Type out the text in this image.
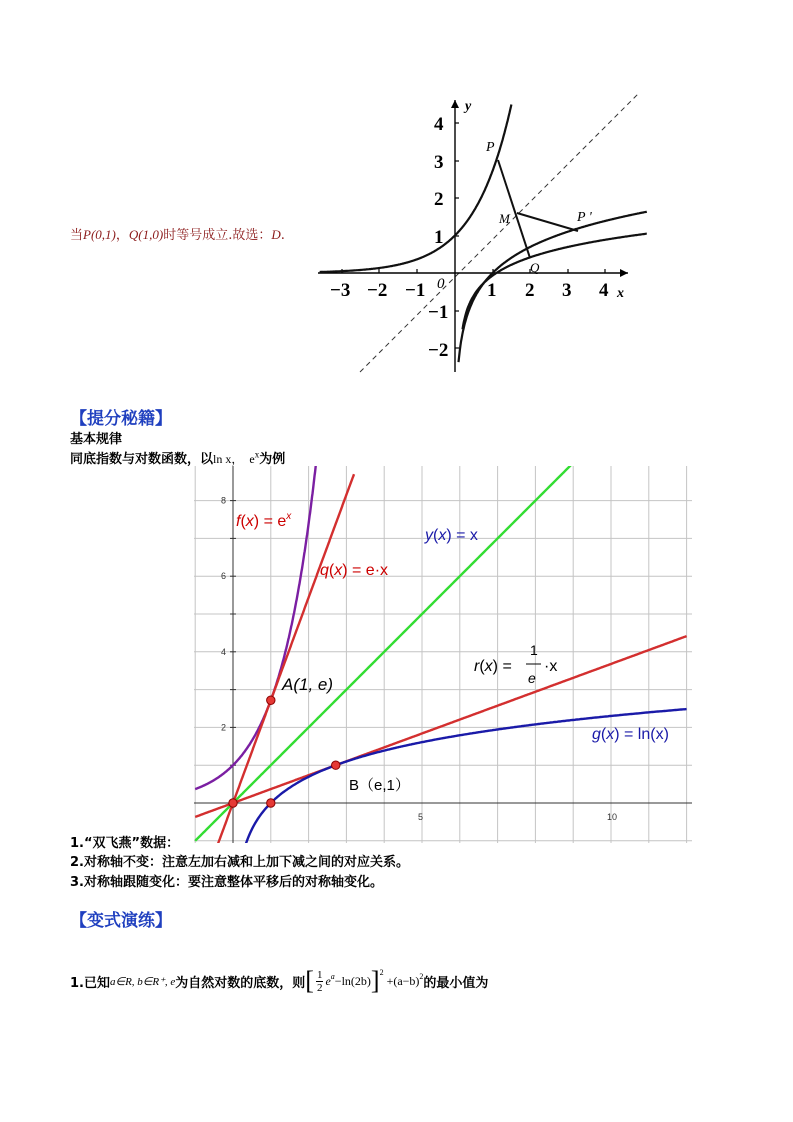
当P(0,1)，Q(1,0)时等号成立.故选：D.
−3 −2 −1	1 2 3 4
4
3
2
1
−1
−2
0
x
y
P
M	P '
Q
【提分秘籍】
基本规律
同底指数与对数函数，以ln x， $e^x$为例
2
4
6
8
5	10
$f(x) = e^x$
q(x) = e·x
y(x) = x
r(x) =
1
e
·x
g(x) = ln(x)
A(1, e)
B（e,1）
1.“双飞燕”数据：
2.对称轴不变：注意左加右减和上加下减之间的对应关系。
3.对称轴跟随变化：要注意整体平移后的对称轴变化。
【变式演练】
1.已知 a∈R, b∈R⁺, e 为自然对数的底数，则 [ $\frac{1}{2} e^a -\ln(2b)$ ]$^2$
$+(a-b)^2$ 的最小值为
